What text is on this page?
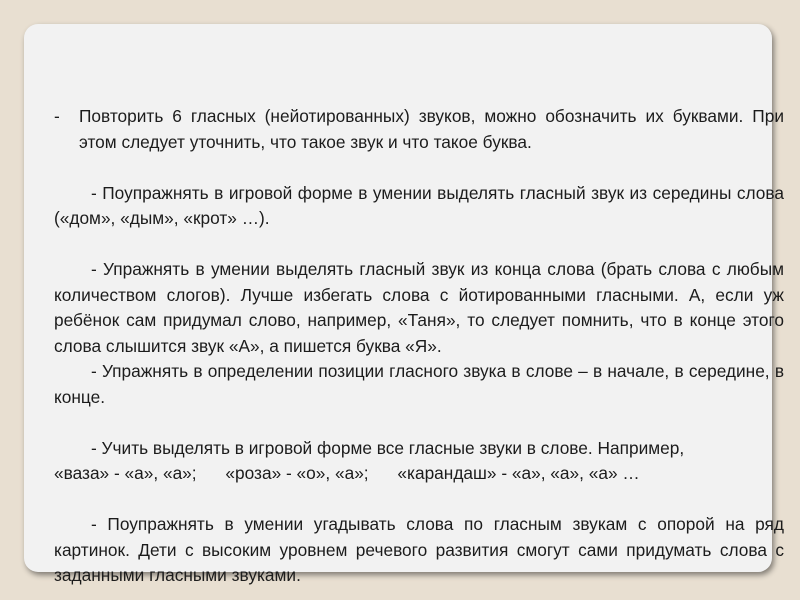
- Повторить 6 гласных (нейотированных) звуков, можно обозначить их буквами. При этом следует уточнить, что такое звук и что такое буква.

- Поупражнять в игровой форме в умении выделять гласный звук из середины слова («дом», «дым», «крот» …).

- Упражнять в умении выделять гласный звук из конца слова (брать слова с любым количеством слогов). Лучше избегать слова с йотированными гласными. А, если уж ребёнок сам придумал слово, например, «Таня», то следует помнить, что в конце этого слова слышится звук «А», а пишется буква «Я».

- Упражнять в определении позиции гласного звука в слове – в начале, в середине, в конце.

- Учить выделять в игровой форме все гласные звуки в слове. Например,

«ваза» - «а», «а»;      «роза» - «о», «а»;      «карандаш» - «а», «а», «а» …

- Поупражнять в умении угадывать слова по гласным звукам с опорой на ряд картинок. Дети с высоким уровнем речевого развития смогут сами придумать слова с заданными гласными звуками.
